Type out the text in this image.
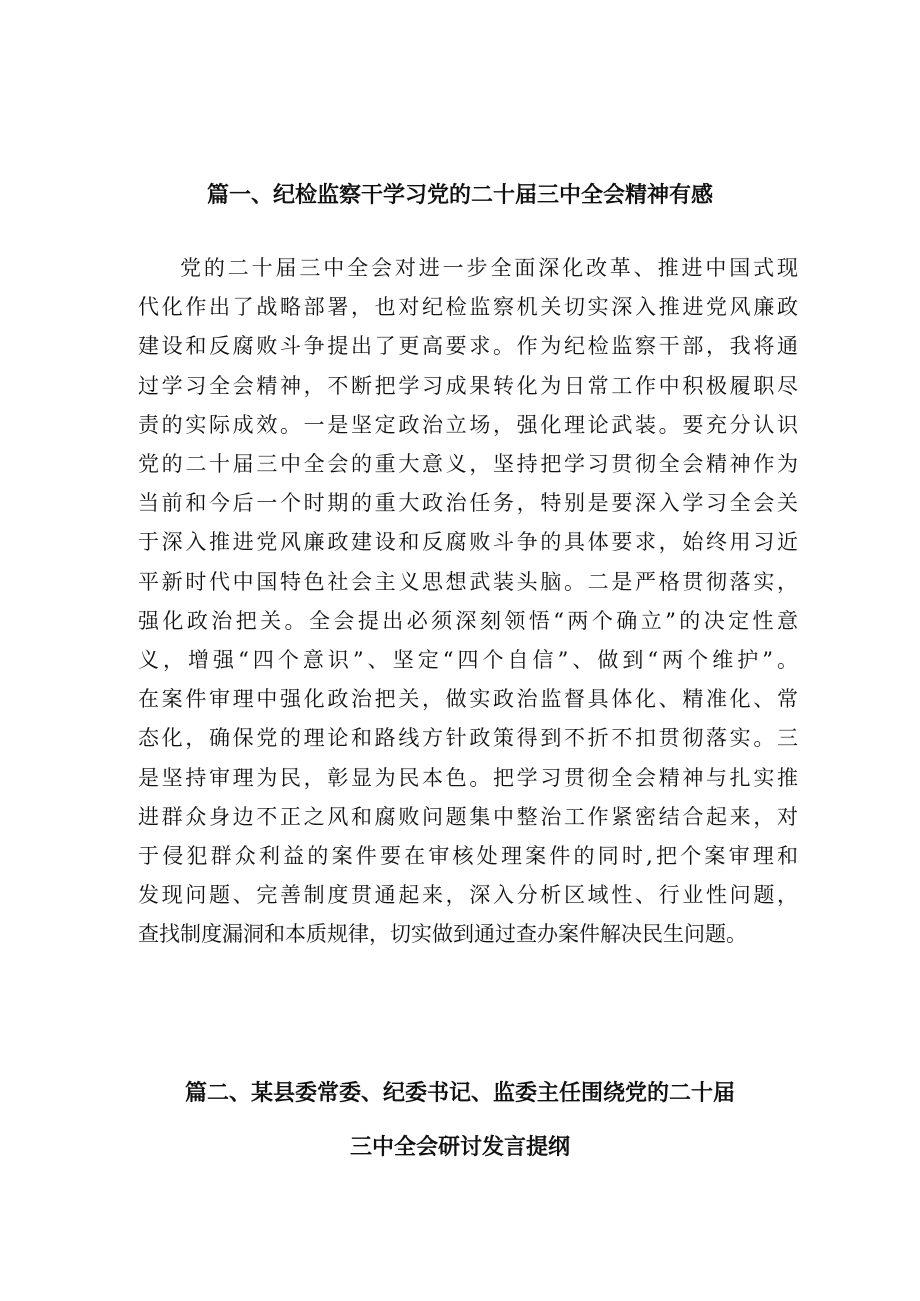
篇一、纪检监察干学习党的二十届三中全会精神有感
党的二十届三中全会对进一步全面深化改革、推进中国式现
代化作出了战略部署，也对纪检监察机关切实深入推进党风廉政
建设和反腐败斗争提出了更高要求。作为纪检监察干部，我将通
过学习全会精神，不断把学习成果转化为日常工作中积极履职尽
责的实际成效。一是坚定政治立场，强化理论武装。要充分认识
党的二十届三中全会的重大意义，坚持把学习贯彻全会精神作为
当前和今后一个时期的重大政治任务，特别是要深入学习全会关
于深入推进党风廉政建设和反腐败斗争的具体要求，始终用习近
平新时代中国特色社会主义思想武装头脑。二是严格贯彻落实，
强化政治把关。全会提出必须深刻领悟“两个确立”的决定性意
义，增强“四个意识”、坚定“四个自信”、做到“两个维护”。
在案件审理中强化政治把关，做实政治监督具体化、精准化、常
态化，确保党的理论和路线方针政策得到不折不扣贯彻落实。三
是坚持审理为民，彰显为民本色。把学习贯彻全会精神与扎实推
进群众身边不正之风和腐败问题集中整治工作紧密结合起来，对
于侵犯群众利益的案件要在审核处理案件的同时,把个案审理和
发现问题、完善制度贯通起来，深入分析区域性、行业性问题，
查找制度漏洞和本质规律，切实做到通过查办案件解决民生问题。
篇二、某县委常委、纪委书记、监委主任围绕党的二十届
三中全会研讨发言提纲
